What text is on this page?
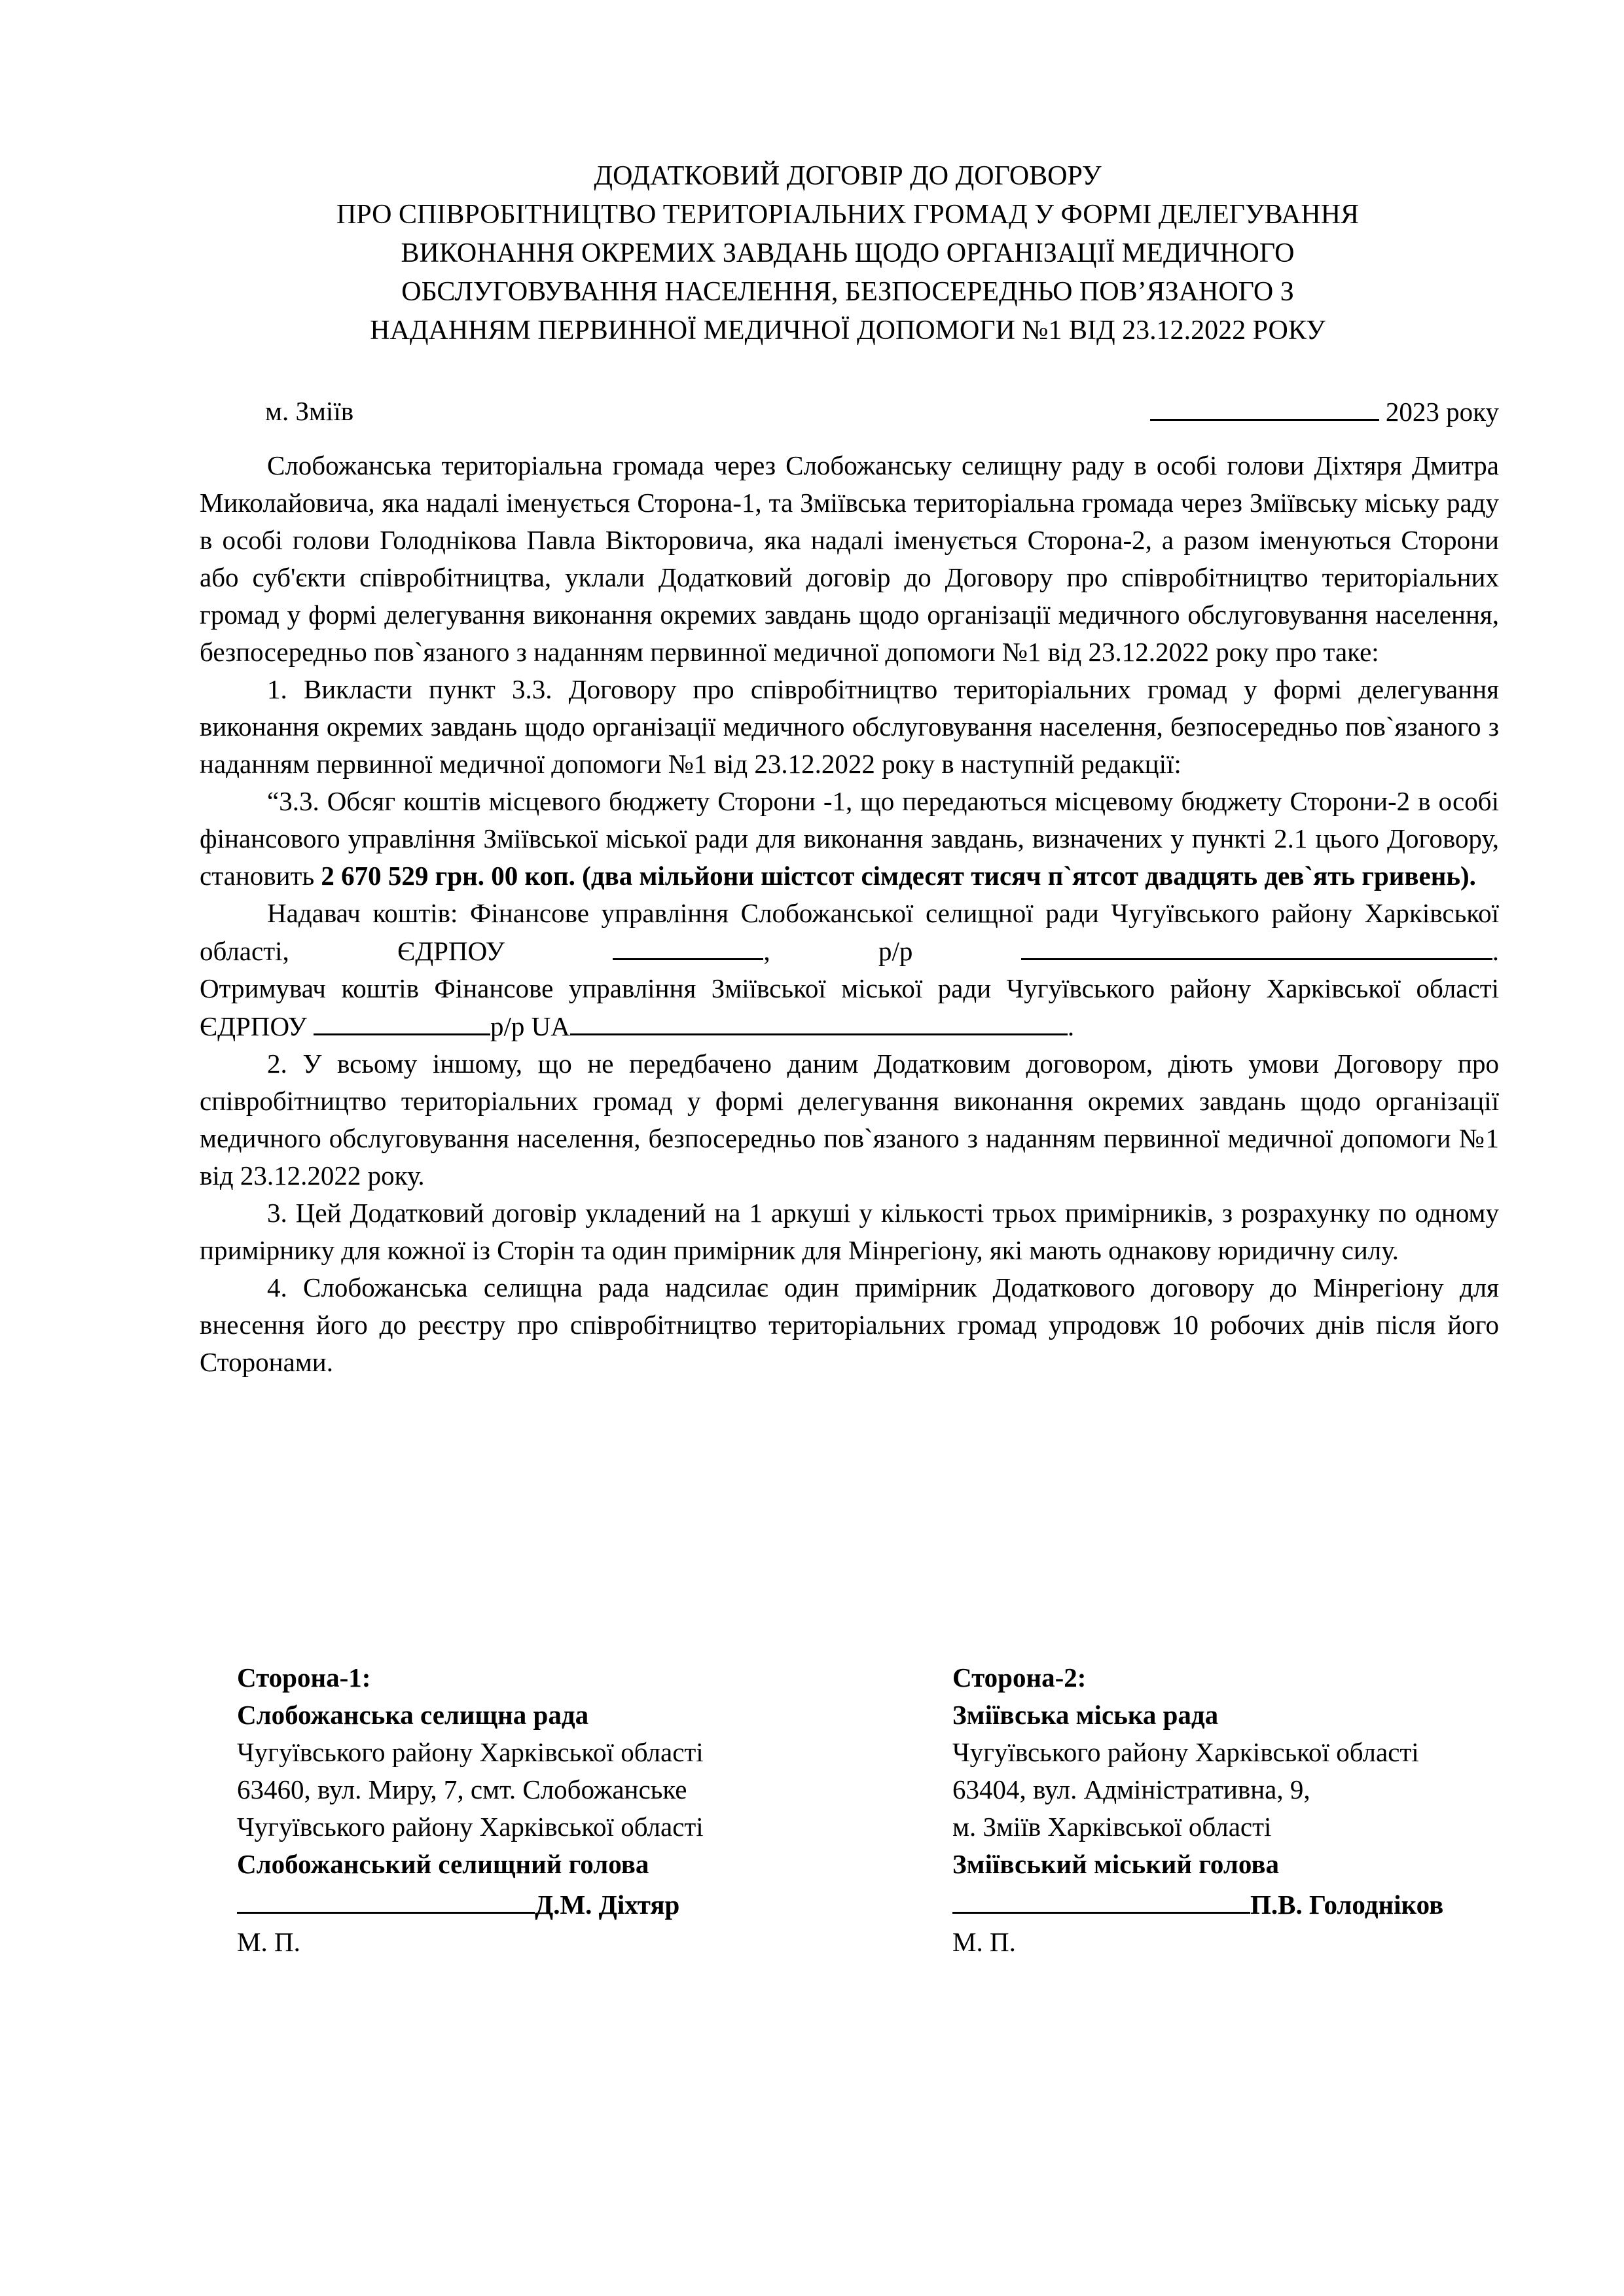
ДОДАТКОВИЙ ДОГОВІР ДО ДОГОВОРУ
ПРО СПІВРОБІТНИЦТВО ТЕРИТОРІАЛЬНИХ ГРОМАД У ФОРМІ ДЕЛЕГУВАННЯ
ВИКОНАННЯ ОКРЕМИХ ЗАВДАНЬ ЩОДО ОРГАНІЗАЦІЇ МЕДИЧНОГО
ОБСЛУГОВУВАННЯ НАСЕЛЕННЯ, БЕЗПОСЕРЕДНЬО ПОВ’ЯЗАНОГО З
НАДАННЯМ ПЕРВИННОЇ МЕДИЧНОЇ ДОПОМОГИ №1 ВІД 23.12.2022 РОКУ
м. Зміїв	2023 року

Слобожанська територіальна громада через Слобожанську селищну раду в особі голови Діхтяря Дмитра Миколайовича, яка надалі іменується Сторона-1, та Зміївська територіальна громада через Зміївську міську раду в особі голови Голоднікова Павла Вікторовича, яка надалі іменується Сторона-2, а разом іменуються Сторони або суб'єкти співробітництва, уклали Додатковий договір до Договору про співробітництво територіальних громад у формі делегування виконання окремих завдань щодо організації медичного обслуговування населення, безпосередньо пов`язаного з наданням первинної медичної допомоги №1 від 23.12.2022 року про таке:

1. Викласти пункт 3.3. Договору про співробітництво територіальних громад у формі делегування виконання окремих завдань щодо організації медичного обслуговування населення, безпосередньо пов`язаного з наданням первинної медичної допомоги №1 від 23.12.2022 року в наступній редакції:

“3.3. Обсяг коштів місцевого бюджету Сторони -1, що передаються місцевому бюджету Сторони-2 в особі фінансового управління Зміївської міської ради для виконання завдань, визначених у пункті 2.1 цього Договору, становить 2 670 529 грн. 00 коп. (два мільйони шістсот сімдесят тисяч п`ятсот двадцять дев`ять гривень).

Надавач коштів: Фінансове управління Слобожанської селищної ради Чугуївського району Харківської області, ЄДРПОУ	, р/р	.

Отримувач коштів Фінансове управління Зміївської міської ради Чугуївського району Харківської області ЄДРПОУ	р/р UA	.

2. У всьому іншому, що не передбачено даним Додатковим договором, діють умови Договору про співробітництво територіальних громад у формі делегування виконання окремих завдань щодо організації медичного обслуговування населення, безпосередньо пов`язаного з наданням первинної медичної допомоги №1 від 23.12.2022 року.

3. Цей Додатковий договір укладений на 1 аркуші у кількості трьох примірників, з розрахунку по одному примірнику для кожної із Сторін та один примірник для Мінрегіону, які мають однакову юридичну силу.

4. Слобожанська селищна рада надсилає один примірник Додаткового договору до Мінрегіону для внесення його до реєстру про співробітництво територіальних громад упродовж 10 робочих днів після його Сторонами.

Сторона-1:
Слобожанська селищна рада
Чугуївського району Харківської області
63460, вул. Миру, 7, смт. Слобожанське
Чугуївського району Харківської області
Слобожанський селищний голова
Д.М. Діхтяр
М. П.
Сторона-2:
Зміївська міська рада
Чугуївського району Харківської області
63404, вул. Адміністративна, 9,
м. Зміїв Харківської області
Зміївський міський голова
П.В. Голодніков
М. П.
